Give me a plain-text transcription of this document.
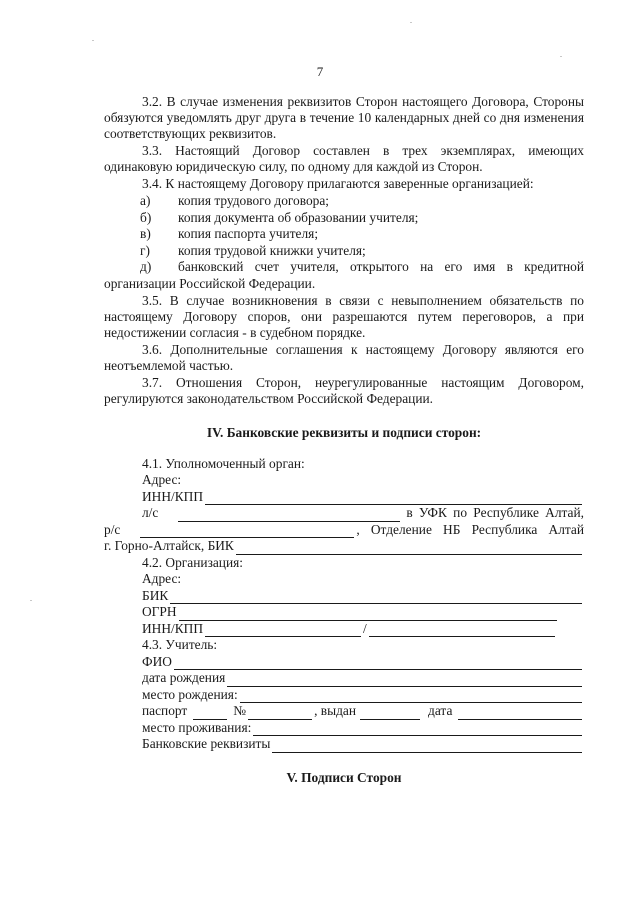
7

3.2. В случае изменения реквизитов Сторон настоящего Договора, Стороны обязуются уведомлять друг друга в течение 10 календарных дней со дня изменения соответствующих реквизитов.

3.3. Настоящий Договор составлен в трех экземплярах, имеющих одинаковую юридическую силу, по одному для каждой из Сторон.

3.4. К настоящему Договору прилагаются заверенные организацией:

а) копия трудового договора;

б) копия документа об образовании учителя;

в) копия паспорта учителя;

г) копия трудовой книжки учителя;

д) банковский счет учителя, открытого на его имя в кредитной

организации Российской Федерации.

3.5. В случае возникновения в связи с невыполнением обязательств по настоящему Договору споров, они разрешаются путем переговоров, а при недостижении согласия - в судебном порядке.

3.6. Дополнительные соглашения к настоящему Договору являются его неотъемлемой частью.

3.7. Отношения Сторон, неурегулированные настоящим Договором, регулируются законодательством Российской Федерации.

IV. Банковские реквизиты и подписи сторон:

4.1. Уполномоченный орган:

Адрес:

ИНН/КПП

л/с	в УФК по Республике Алтай,

р/с	, Отделение НБ Республика Алтай

г. Горно-Алтайск, БИК

4.2. Организация:

Адрес:

БИК

ОГРН

ИНН/КПП	/

4.3. Учитель:

ФИО

дата рождения

место рождения:

паспорт	№	, выдан	дата

место проживания:

Банковские реквизиты

V. Подписи Сторон
